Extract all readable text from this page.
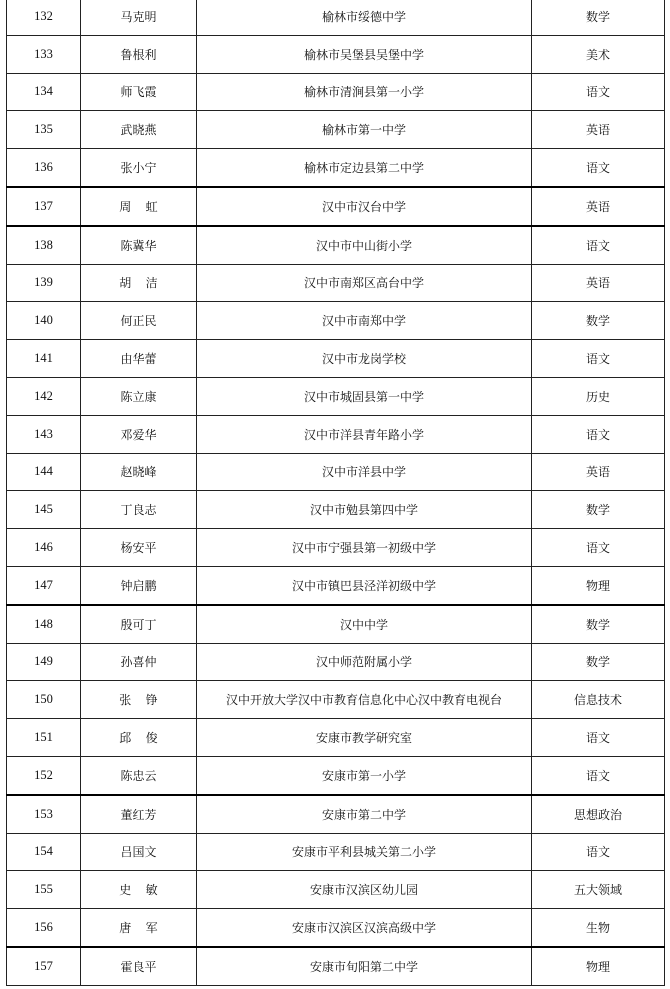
132	马克明	榆林市绥德中学	数学
133	鲁根利	榆林市吴堡县吴堡中学	美术
134	师飞霞	榆林市清涧县第一小学	语文
135	武晓燕	榆林市第一中学	英语
136	张小宁	榆林市定边县第二中学	语文
137	周虹	汉中市汉台中学	英语
138	陈冀华	汉中市中山街小学	语文
139	胡洁	汉中市南郑区高台中学	英语
140	何正民	汉中市南郑中学	数学
141	由华蕾	汉中市龙岗学校	语文
142	陈立康	汉中市城固县第一中学	历史
143	邓爱华	汉中市洋县青年路小学	语文
144	赵晓峰	汉中市洋县中学	英语
145	丁良志	汉中市勉县第四中学	数学
146	杨安平	汉中市宁强县第一初级中学	语文
147	钟启鹏	汉中市镇巴县泾洋初级中学	物理
148	殷可丁	汉中中学	数学
149	孙喜仲	汉中师范附属小学	数学
150	张铮	汉中开放大学汉中市教育信息化中心汉中教育电视台	信息技术
151	邱俊	安康市教学研究室	语文
152	陈忠云	安康市第一小学	语文
153	董红芳	安康市第二中学	思想政治
154	吕国文	安康市平利县城关第二小学	语文
155	史敏	安康市汉滨区幼儿园	五大领域
156	唐军	安康市汉滨区汉滨高级中学	生物
157	霍良平	安康市旬阳第二中学	物理
